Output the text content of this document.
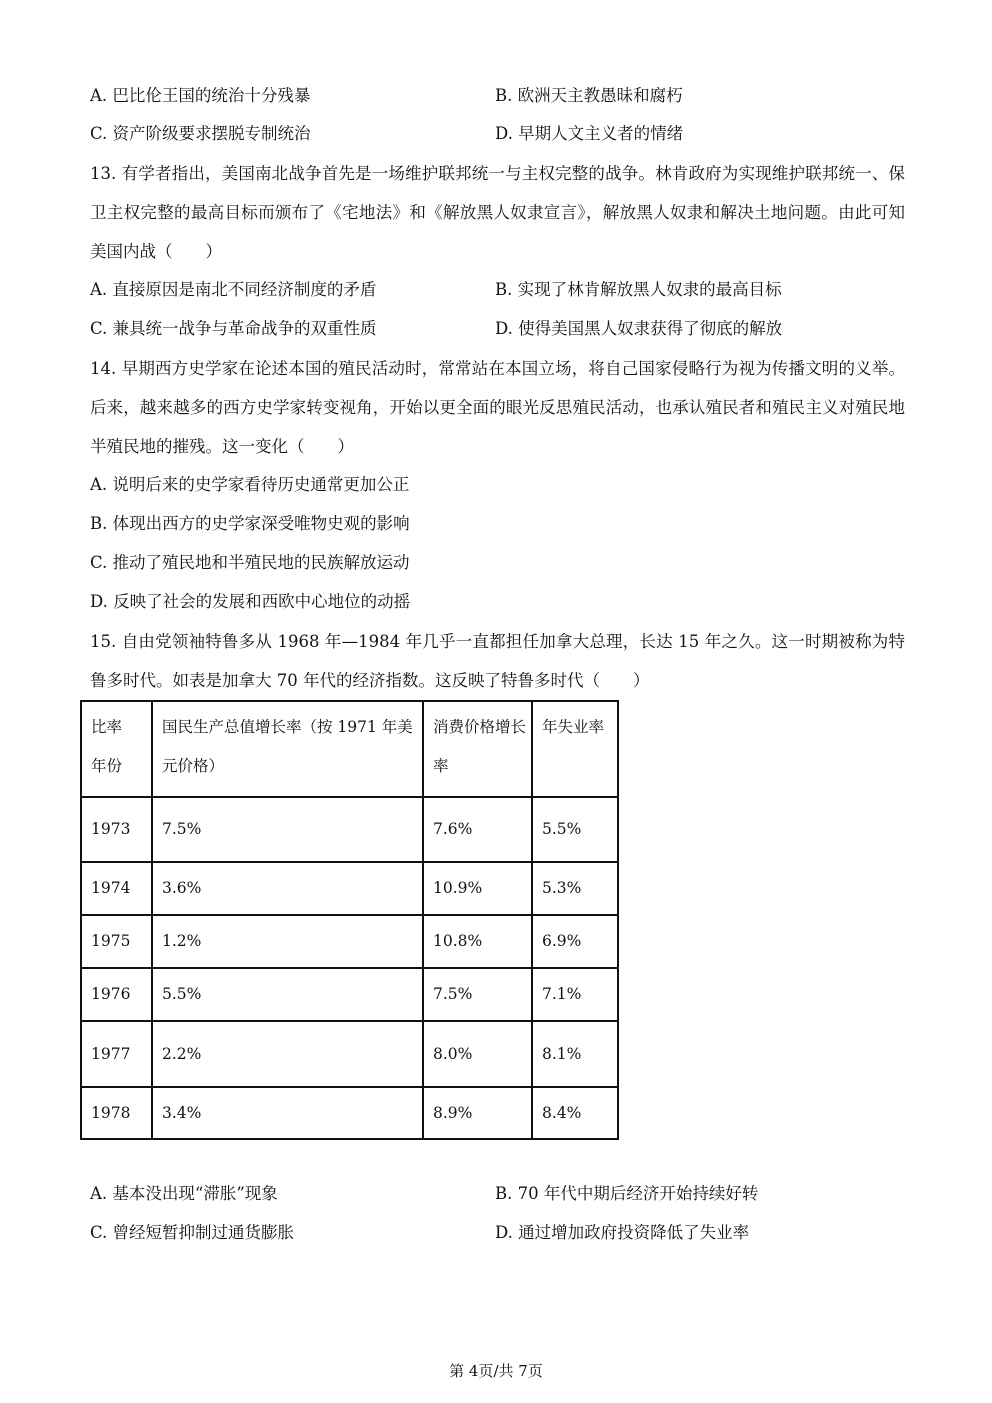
A. 巴比伦王国的统治十分残暴	B. 欧洲天主教愚昧和腐朽
C. 资产阶级要求摆脱专制统治	D. 早期人文主义者的情绪
13. 有学者指出，美国南北战争首先是一场维护联邦统一与主权完整的战争。林肯政府为实现维护联邦统一、保卫主权完整的最高目标而颁布了《宅地法》和《解放黑人奴隶宣言》，解放黑人奴隶和解决土地问题。由此可知美国内战（　　）
A. 直接原因是南北不同经济制度的矛盾	B. 实现了林肯解放黑人奴隶的最高目标
C. 兼具统一战争与革命战争的双重性质	D. 使得美国黑人奴隶获得了彻底的解放
14. 早期西方史学家在论述本国的殖民活动时，常常站在本国立场，将自己国家侵略行为视为传播文明的义举。后来，越来越多的西方史学家转变视角，开始以更全面的眼光反思殖民活动，也承认殖民者和殖民主义对殖民地半殖民地的摧残。这一变化（　　）
A. 说明后来的史学家看待历史通常更加公正
B. 体现出西方的史学家深受唯物史观的影响
C. 推动了殖民地和半殖民地的民族解放运动
D. 反映了社会的发展和西欧中心地位的动摇
15. 自由党领袖特鲁多从 1968 年—1984 年几乎一直都担任加拿大总理，长达 15 年之久。这一时期被称为特鲁多时代。如表是加拿大 70 年代的经济指数。这反映了特鲁多时代（　　）
比率
年份	国民生产总值增长率（按 1971 年美元价格）	消费价格增长率	年失业率
1973	7.5%	7.6%	5.5%
1974	3.6%	10.9%	5.3%
1975	1.2%	10.8%	6.9%
1976	5.5%	7.5%	7.1%
1977	2.2%	8.0%	8.1%
1978	3.4%	8.9%	8.4%
A. 基本没出现“滞胀”现象	B. 70 年代中期后经济开始持续好转
C. 曾经短暂抑制过通货膨胀	D. 通过增加政府投资降低了失业率
第 4页/共 7页
